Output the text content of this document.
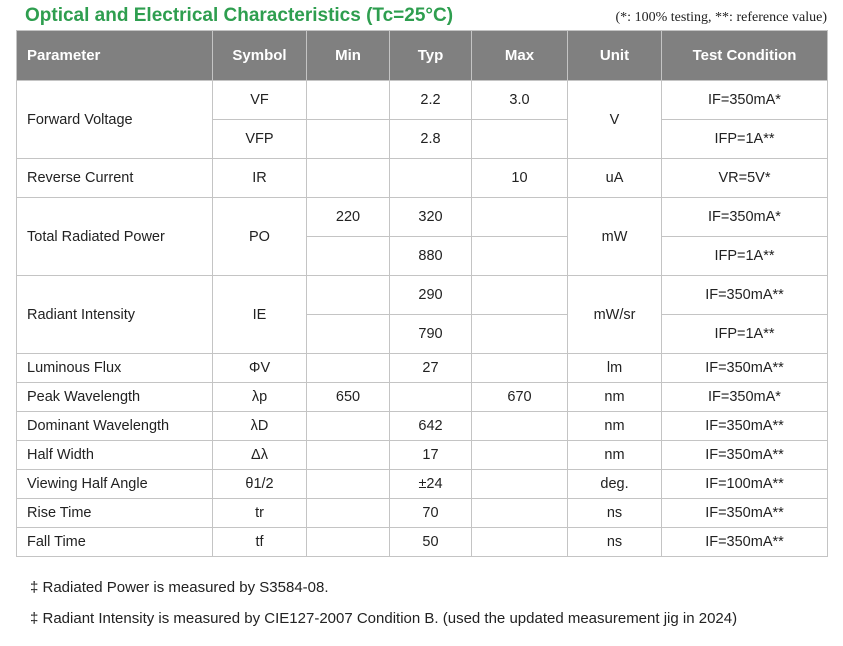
Optical and Electrical Characteristics (Tc=25°C)	(*: 100% testing, **: reference value)
Parameter	Symbol	Min	Typ	Max	Unit	Test Condition
Forward Voltage	VF		2.2	3.0	V	IF=350mA*
	VFP		2.8			IFP=1A**
Reverse Current	IR			10	uA	VR=5V*
Total Radiated Power	PO	220	320		mW	IF=350mA*
			880			IFP=1A**
Radiant Intensity	IE		290		mW/sr	IF=350mA**
			790			IFP=1A**
Luminous Flux	ΦV		27		lm	IF=350mA**
Peak Wavelength	λp	650		670	nm	IF=350mA*
Dominant Wavelength	λD		642		nm	IF=350mA**
Half Width	Δλ		17		nm	IF=350mA**
Viewing Half Angle	θ1/2		±24		deg.	IF=100mA**
Rise Time	tr		70		ns	IF=350mA**
Fall Time	tf		50		ns	IF=350mA**
‡ Radiated Power is measured by S3584-08.
‡ Radiant Intensity is measured by CIE127-2007 Condition B. (used the updated measurement jig in 2024)
